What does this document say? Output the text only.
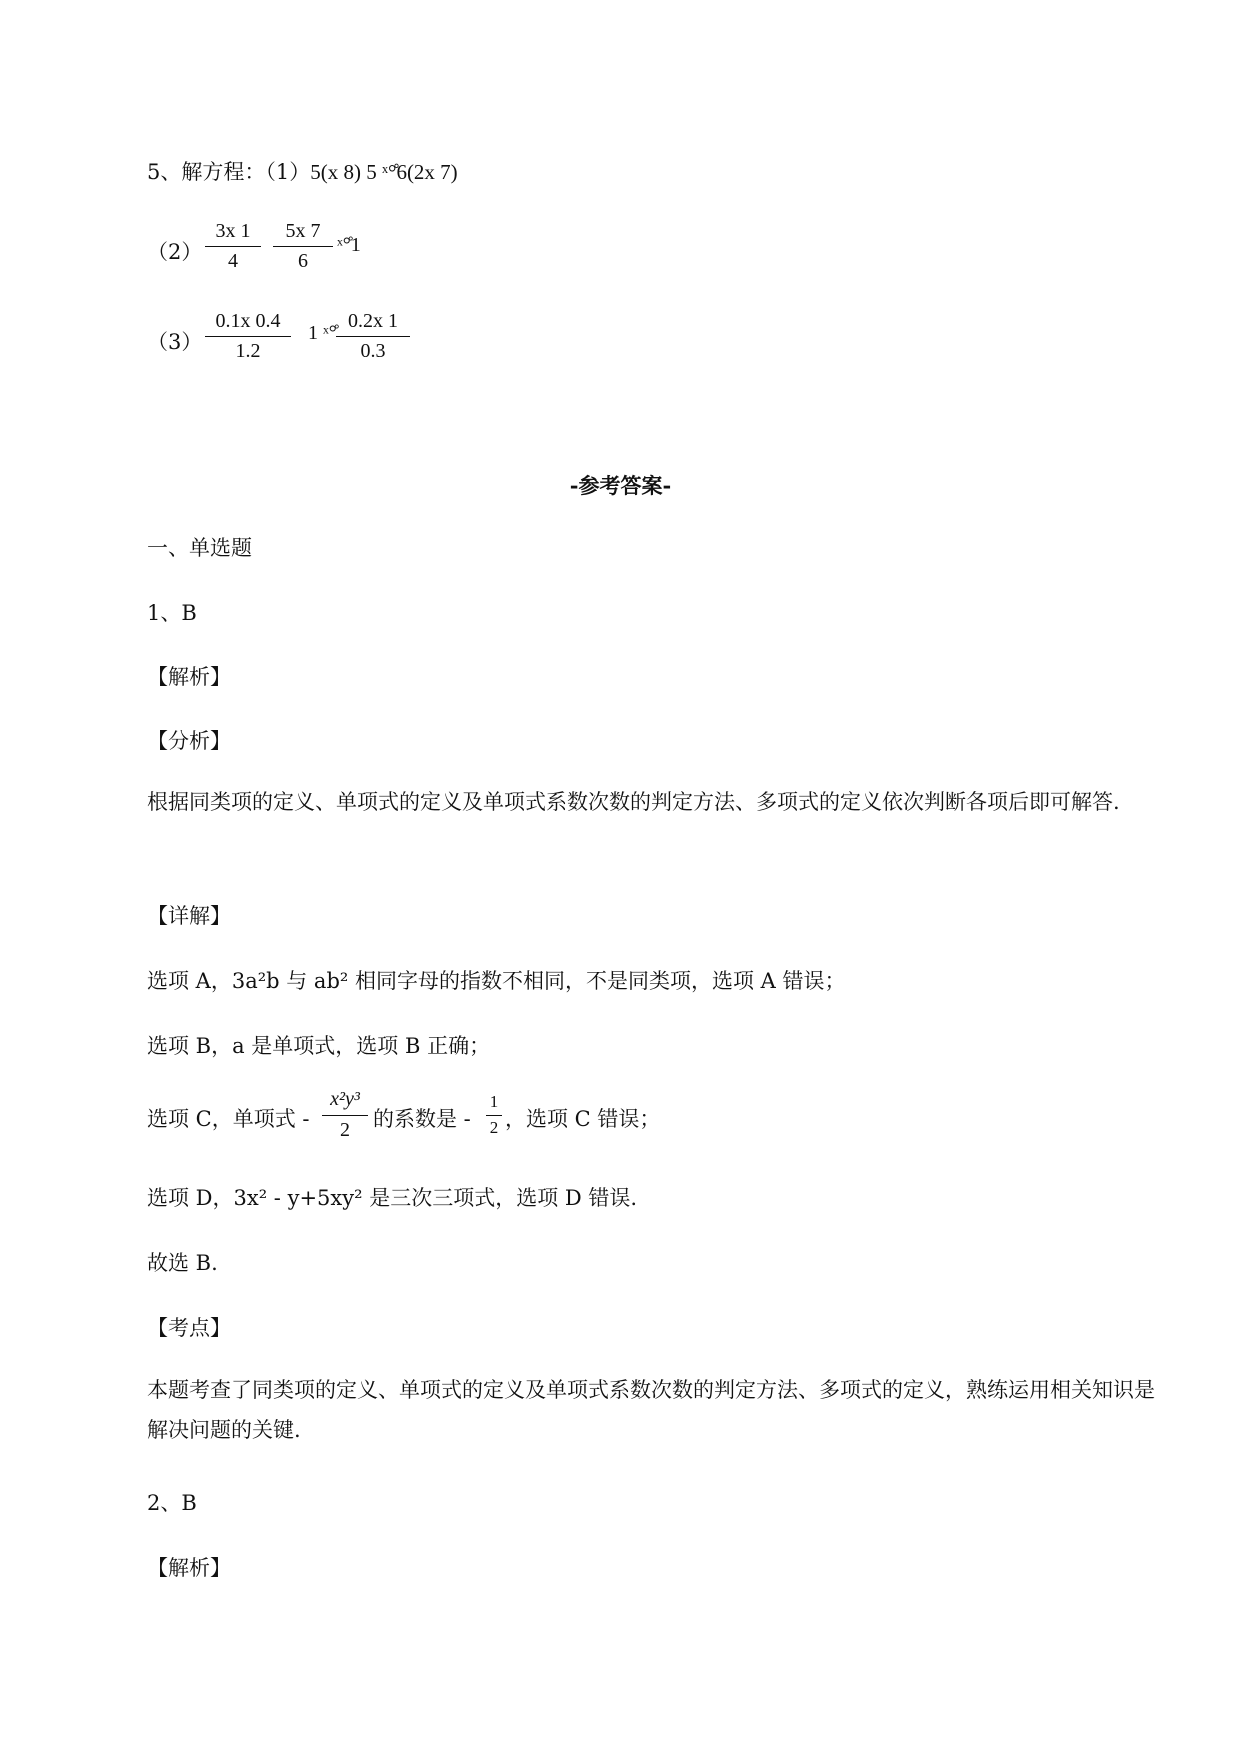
5、解方程：（1）5(x 8) 5 ˣ°̊6(2x 7)
（2）
3x 1
4
5x 7
6
ˣ°̊1
（3）
0.1x 0.4
1.2
1 ˣ°̊
0.2x 1
0.3
-参考答案-
一、单选题
1、B
【解析】
【分析】
根据同类项的定义、单项式的定义及单项式系数次数的判定方法、多项式的定义依次判断各项后即可解答.
【详解】
选项 A，3a²b 与 ab² 相同字母的指数不相同，不是同类项，选项 A 错误；
选项 B，a 是单项式，选项 B 正确；
选项 C，单项式 -
x²y³
2	的系数是 -
1
2 ，选项 C 错误；
选项 D，3x² - y+5xy² 是三次三项式，选项 D 错误.
故选 B.
【考点】
本题考查了同类项的定义、单项式的定义及单项式系数次数的判定方法、多项式的定义，熟练运用相关知识是解决问题的关键.
2、B
【解析】
